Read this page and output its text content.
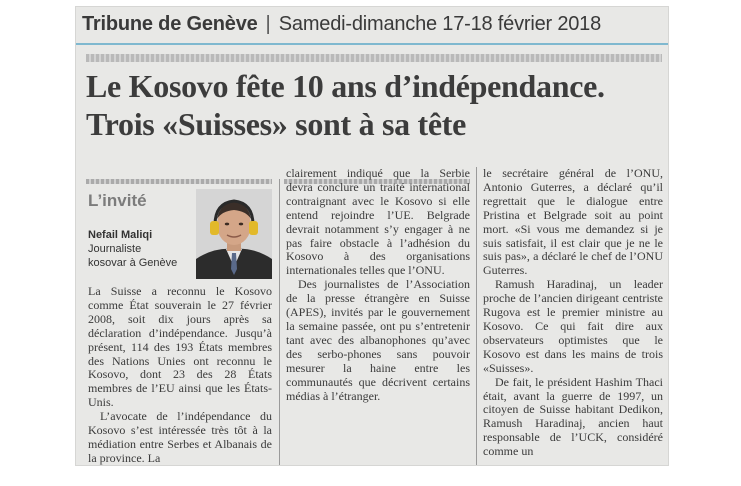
Tribune de Genève | Samedi-dimanche 17-18 février 2018
Le Kosovo fête 10 ans d’indépendance.
Trois «Suisses» sont à sa tête
L’invité
Nefail Maliqi
Journaliste
kosovar à Genève

La Suisse a reconnu le Kosovo comme État souverain le 27 février 2008, soit dix jours après sa déclaration d’indépendance. Jusqu’à présent, 114 des 193 États membres des Nations Unies ont reconnu le Kosovo, dont 23 des 28 États membres de l’EU ainsi que les États-Unis.

L’avocate de l’indépendance du Kosovo s’est intéressée très tôt à la médiation entre Serbes et Albanais de la province. La

clairement indiqué que la Serbie devra conclure un traité international contraignant avec le Kosovo si elle entend rejoindre l’UE. Belgrade devrait notamment s’y engager à ne pas faire obstacle à l’adhésion du Kosovo à des organisations internationales telles que l’ONU.

Des journalistes de l’Association de la presse étrangère en Suisse (APES), invités par le gouvernement la semaine passée, ont pu s’entretenir tant avec des albanophones qu’avec des serbo-phones sans pouvoir mesurer la haine entre les communautés que décrivent certains médias à l’étranger.

le secrétaire général de l’ONU, Antonio Guterres, a déclaré qu’il regrettait que le dialogue entre Pristina et Belgrade soit au point mort. «Si vous me demandez si je suis satisfait, il est clair que je ne le suis pas», a déclaré le chef de l’ONU Guterres.

Ramush Haradinaj, un leader proche de l’ancien dirigeant centriste Rugova est le premier ministre au Kosovo. Ce qui fait dire aux observateurs optimistes que le Kosovo est dans les mains de trois «Suisses».

De fait, le président Hashim Thaci était, avant la guerre de 1997, un citoyen de Suisse habitant Dedikon, Ramush Haradinaj, ancien haut responsable de l’UCK, considéré comme un
